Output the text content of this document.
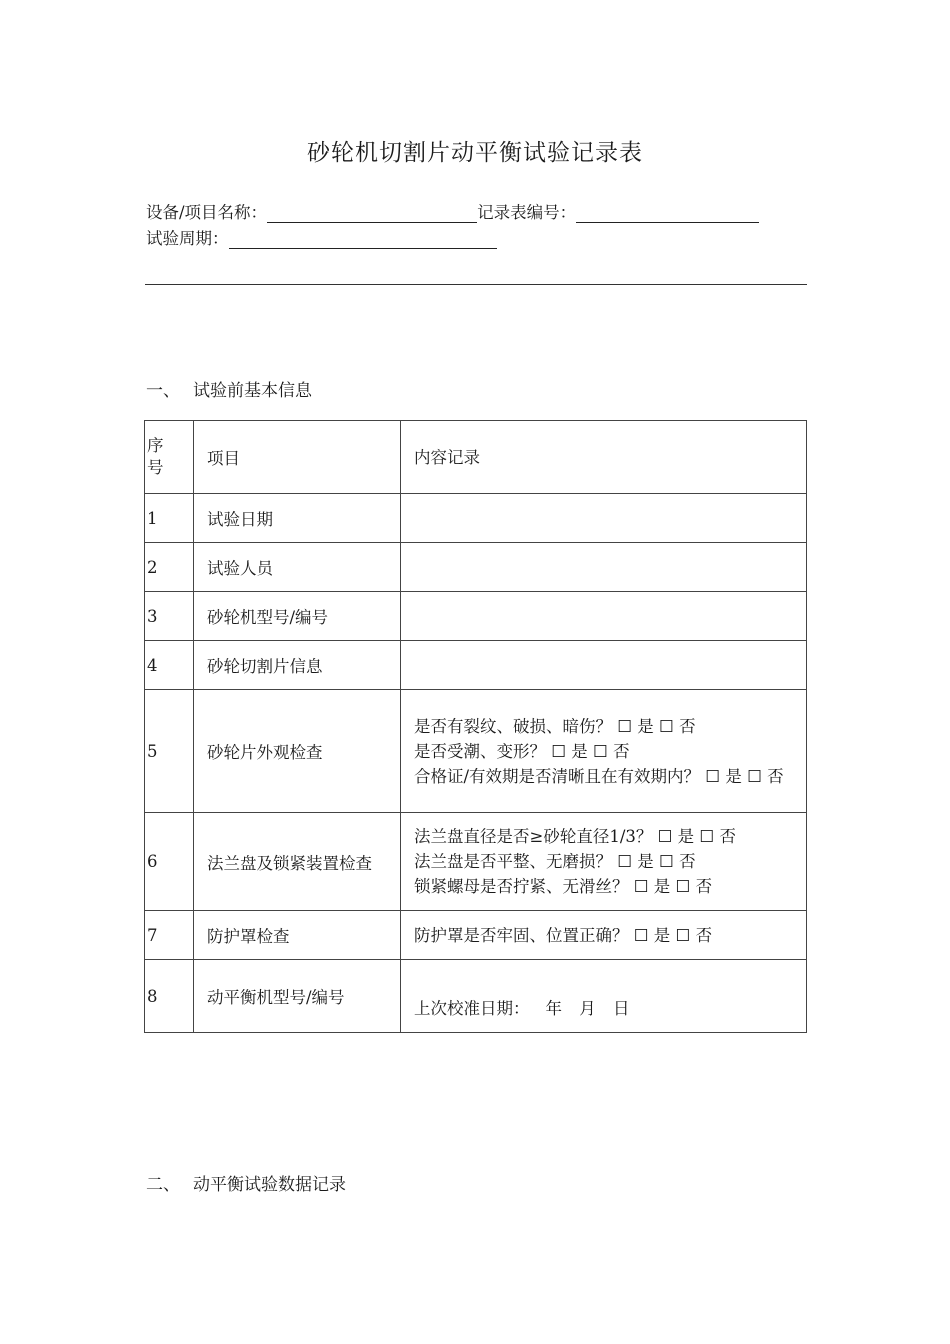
砂轮机切割片动平衡试验记录表
设备/项目名称：	记录表编号：
试验周期：
一、 试验前基本信息
序号	项目	内容记录
1	试验日期	
2	试验人员	
3	砂轮机型号/编号	
4	砂轮切割片信息	
5	砂轮片外观检查	是否有裂纹、破损、暗伤？ ☐ 是 ☐ 否
是否受潮、变形？ ☐ 是 ☐ 否
合格证/有效期是否清晰且在有效期内？ ☐ 是 ☐ 否

6	法兰盘及锁紧装置检查	法兰盘直径是否≥砂轮直径1/3？ ☐ 是 ☐ 否
法兰盘是否平整、无磨损？ ☐ 是 ☐ 否
锁紧螺母是否拧紧、无滑丝？ ☐ 是 ☐ 否

7	防护罩检查	防护罩是否牢固、位置正确？ ☐ 是 ☐ 否

8	动平衡机型号/编号	上次校准日期： 年 月 日
二、 动平衡试验数据记录
